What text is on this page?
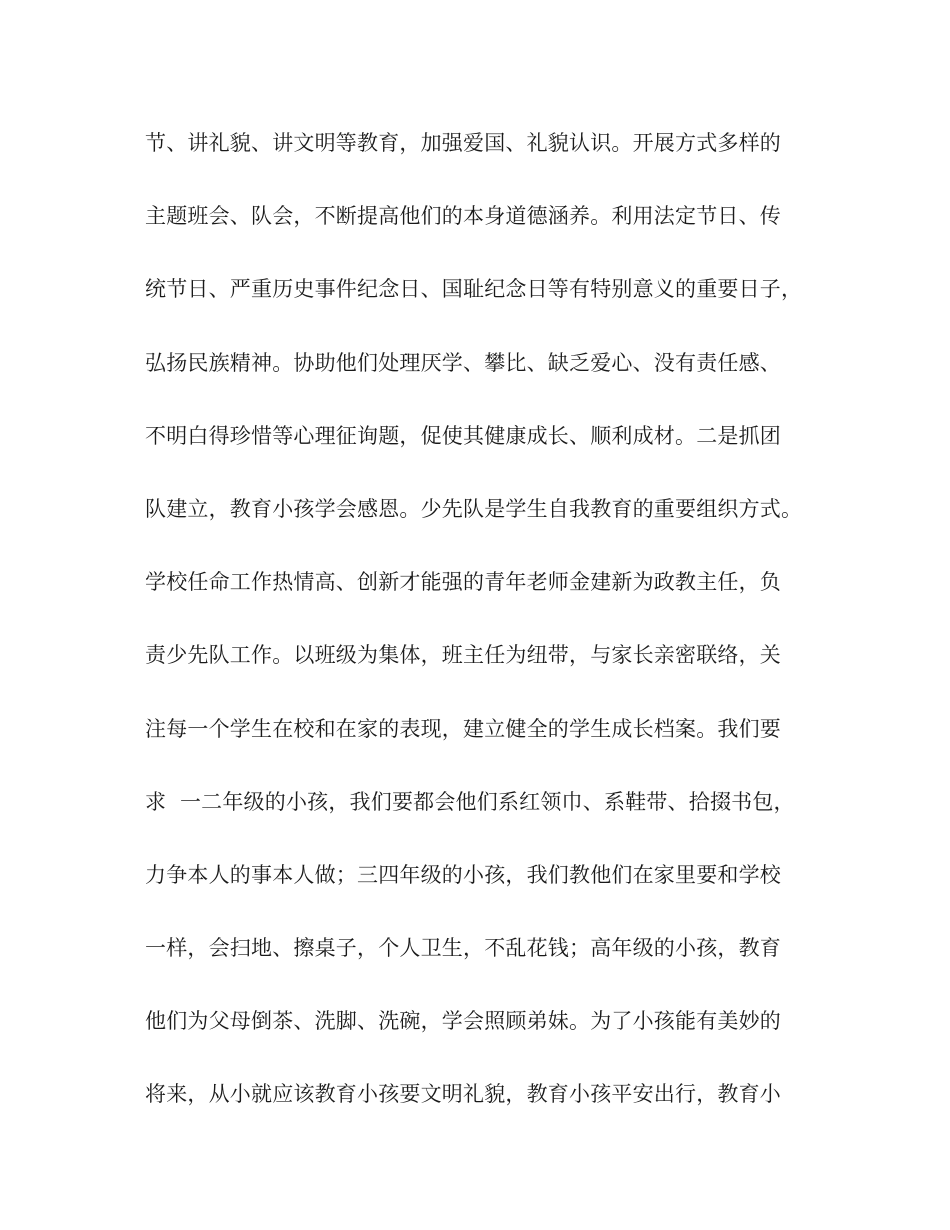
节、讲礼貌、讲文明等教育，加强爱国、礼貌认识。开展方式多样的
主题班会、队会，不断提高他们的本身道德涵养。利用法定节日、传
统节日、严重历史事件纪念日、国耻纪念日等有特别意义的重要日子，
弘扬民族精神。协助他们处理厌学、攀比、缺乏爱心、没有责任感、
不明白得珍惜等心理征询题，促使其健康成长、顺利成材。二是抓团
队建立，教育小孩学会感恩。少先队是学生自我教育的重要组织方式。
学校任命工作热情高、创新才能强的青年老师金建新为政教主任，负
责少先队工作。以班级为集体，班主任为纽带，与家长亲密联络，关
注每一个学生在校和在家的表现，建立健全的学生成长档案。我们要
求  一二年级的小孩，我们要都会他们系红领巾、系鞋带、拾掇书包，
力争本人的事本人做；三四年级的小孩，我们教他们在家里要和学校
一样，会扫地、擦桌子，个人卫生，不乱花钱；高年级的小孩，教育
他们为父母倒茶、洗脚、洗碗，学会照顾弟妹。为了小孩能有美妙的
将来，从小就应该教育小孩要文明礼貌，教育小孩平安出行，教育小
